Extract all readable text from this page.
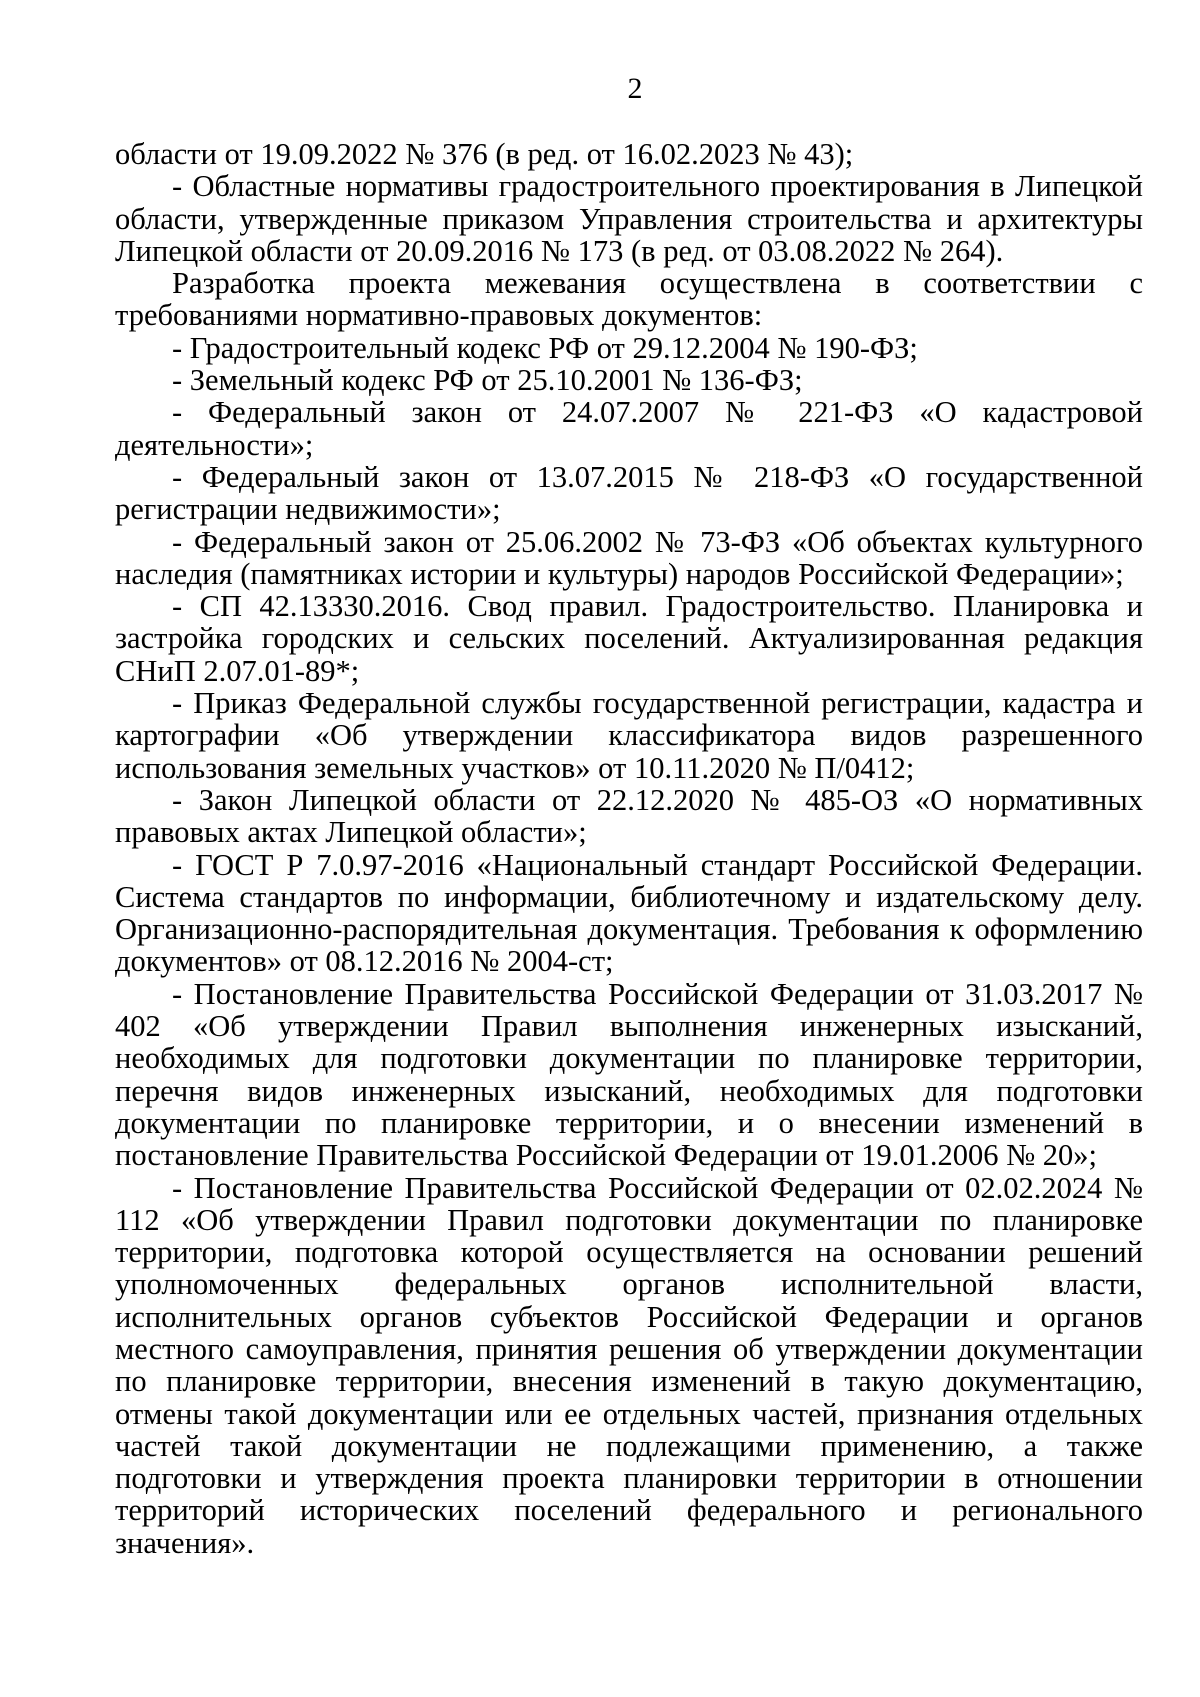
2

области от 19.09.2022 № 376 (в ред. от 16.02.2023 № 43);

- Областные нормативы градостроительного проектирования в Липецкой области, утвержденные приказом Управления строительства и архитектуры Липецкой области от 20.09.2016 № 173 (в ред. от 03.08.2022 № 264).

Разработка проекта межевания осуществлена в соответствии с требованиями нормативно-правовых документов:

- Градостроительный кодекс РФ от 29.12.2004 № 190-ФЗ;

- Земельный кодекс РФ от 25.10.2001 № 136-ФЗ;

- Федеральный закон от 24.07.2007 № 221-ФЗ «О кадастровой деятельности»;

- Федеральный закон от 13.07.2015 № 218-ФЗ «О государственной регистрации недвижимости»;

- Федеральный закон от 25.06.2002 № 73-ФЗ «Об объектах культурного наследия (памятниках истории и культуры) народов Российской Федерации»;

- СП 42.13330.2016. Свод правил. Градостроительство. Планировка и застройка городских и сельских поселений. Актуализированная редакция СНиП 2.07.01-89*;

- Приказ Федеральной службы государственной регистрации, кадастра и картографии «Об утверждении классификатора видов разрешенного использования земельных участков» от 10.11.2020 № П/0412;

- Закон Липецкой области от 22.12.2020 № 485-ОЗ «О нормативных правовых актах Липецкой области»;

- ГОСТ Р 7.0.97-2016 «Национальный стандарт Российской Федерации. Система стандартов по информации, библиотечному и издательскому делу. Организационно-распорядительная документация. Требования к оформлению документов» от 08.12.2016 № 2004-ст;

- Постановление Правительства Российской Федерации от 31.03.2017 № 402 «Об утверждении Правил выполнения инженерных изысканий, необходимых для подготовки документации по планировке территории, перечня видов инженерных изысканий, необходимых для подготовки документации по планировке территории, и о внесении изменений в постановление Правительства Российской Федерации от 19.01.2006 № 20»;

- Постановление Правительства Российской Федерации от 02.02.2024 № 112 «Об утверждении Правил подготовки документации по планировке территории, подготовка которой осуществляется на основании решений уполномоченных федеральных органов исполнительной власти, исполнительных органов субъектов Российской Федерации и органов местного самоуправления, принятия решения об утверждении документации по планировке территории, внесения изменений в такую документацию, отмены такой документации или ее отдельных частей, признания отдельных частей такой документации не подлежащими применению, а также подготовки и утверждения проекта планировки территории в отношении территорий исторических поселений федерального и регионального значения».
